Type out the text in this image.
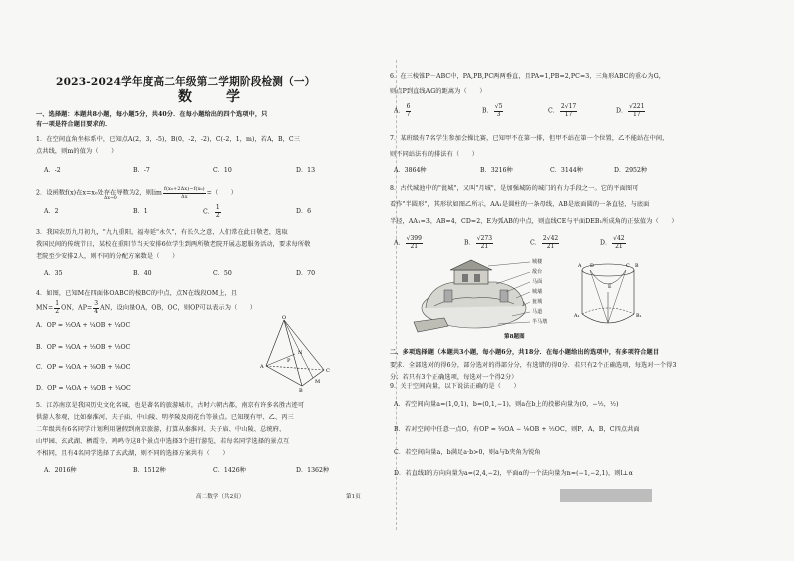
2023-2024学年度高二年级第二学期阶段检测（一）
数　学
一、选择题：本题共8小题，每小题5分，共40分．在每小题给出的四个选项中，只
有一项是符合题目要求的．
1．在空间直角坐标系中，已知点A(2，3，-5)，B(0，-2，-2)，C(-2，1，m)，若A，B，C三
点共线，则m的值为（　　）
A．-2	B．-7	C．10	D．13
2．设函数f(x)在x=x₀处存在导数为2，则$\lim \frac{\text{f(x₀+2Δx)−f(x₀)}}{\Delta x}$ =（　　）
Δx→0
A．2	B．1	C． $\frac{1}{2}$	D．6
3．我国农历九月初九，"九九重阳，福寿延"永久"，有长久之意，人们常在此日敬老，选取
我国民间的传统节日，某校在重阳节当天安排6位学生到两所敬老院开展志愿服务活动，要求每所敬
老院至少安排2人，则不同的分配方案数是（　　）
A．35	B．40	C．50	D．70
4．如图，已知M在四面体OABC的棱BC的中点，点N在线段OM上，且
$MN= \frac{1}{2}$ ON，$AP= \frac{3}{4}$ AN，设向量OA，OB，OC，则OP可以表示为（　　）
A．OP = ½OA + ¼OB + ¼OC
B．OP = ¼OA + ⅓OB + ⅓OC
C．OP = ¼OA + ⅛OB + ⅛OC
D．OP = ¼OA + ¼OB + ¼OC
O
N
P
A
B
C
M
5．江苏南京是我国历史文化名城，也是著名的旅游城市，古时六朝古都，南京有许多名胜古迹可
供游人参观，比如秦淮河、夫子庙、中山陵、明孝陵及雨花台等景点。已知现有甲、乙、丙三
二年级共有6名同学计划利用暑假到南京旅游，打算从秦淮河、夫子庙、中山陵、总统府、
山甲园、玄武湖、栖霞寺、鸡鸣寺这8个景点中选择3个进行游览，若每名同学选择的景点互
不相同，且有4名同学选择了玄武湖，则不同的选择方案共有（　　）
A．2016种	B．1512种	C．1426种	D．1362种
高二数学（共2页）
6．在三棱锥P－ABC中，PA,PB,PC两两垂直，且PA=1,PB=2,PC=3，三角形ABC的重心为G，
则点P到直线AG的距离为（　　）
A． $\frac{6}{7}$	B． $\frac{√5}{3}$	C． $\frac{2√17}{17}$	D． $\frac{√221}{17}$
7．某班级有7名学生参加会操比赛，已知甲不在第一排，但甲不站在第一个位置，乙不能站在中间，
则不同站法有的排法有（　　）
A．3864种	B．3216种	C．3144种	D．2952种
8．古代城池中的"瓮城"，又叫"月城"，是加强城防的城门的有力手段之一。它的平面图可
看作"半圆形"，其形状如图乙所示，AA₁是圆柱的一条母线，AB是底面圆的一条直径，与底面
半径，AA₁=3，AB=4，CD=2，E为弧AB的中点，则直线CE与平面DEB₁所成角的正弦值为（　　）
A． $\frac{√399}{21}$	B． $\frac{√273}{21}$	C． $\frac{2√42}{21}$	D． $\frac{√42}{21}$
城楼
敌台
马面
城墙
瓮城
马道
半马墩
A D	B
C
E
A₁	B₁
第8题图
二、多项选择题（本题共3小题，每小题6分，共18分．在每小题给出的选项中，有多项符合题目
要求．全部选对的得6分，部分选对的得部分分，有选错的得0分．若只有2个正确选项，每选对一个得3
分；若只有3个正确选项，每选对一个得2分）
9．关于空间向量，以下说法正确的是（　　）
A．若空间向量a=(1,0,1)，b=(0,1,−1)，则a在b上的投影向量为(0，−½，½)
B．若对空间中任意一点O，有OP = ⅔OA − ⅙OB + ½OC，则P，A，B，C四点共面
C．若空间向量a，b满足a·b>0，则a与b夹角为锐角
D．若直线l的方向向量为a=(2,4,−2)，平面α的一个法向量为n=(−1,−2,1)，则l⊥α
第1页
